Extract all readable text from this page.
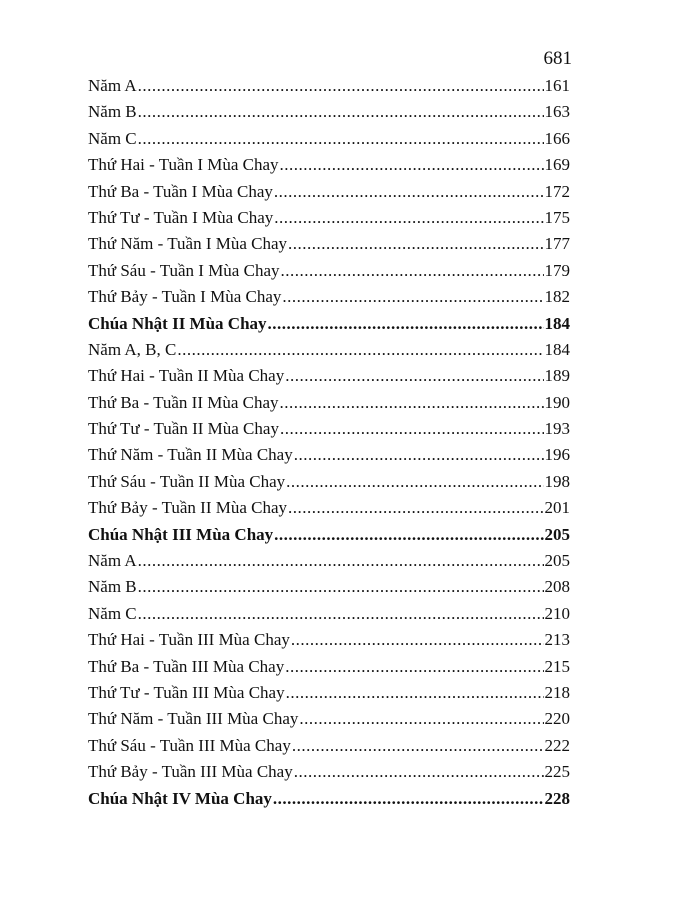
681
Năm A .....	161
Năm B .....	163
Năm C .....	166
Thứ Hai - Tuần I Mùa Chay .....	169
Thứ Ba - Tuần I Mùa Chay .....	172
Thứ Tư - Tuần I Mùa Chay .....	175
Thứ Năm - Tuần I Mùa Chay .....	177
Thứ Sáu - Tuần I Mùa Chay .....	179
Thứ Bảy - Tuần I Mùa Chay .....	182
Chúa Nhật II Mùa Chay .....	184
Năm A, B, C .....	184
Thứ Hai - Tuần II Mùa Chay .....	189
Thứ Ba - Tuần II Mùa Chay .....	190
Thứ Tư - Tuần II Mùa Chay .....	193
Thứ Năm - Tuần II Mùa Chay .....	196
Thứ Sáu - Tuần II Mùa Chay .....	198
Thứ Bảy - Tuần II Mùa Chay .....	201
Chúa Nhật III Mùa Chay .....	205
Năm A .....	205
Năm B .....	208
Năm C .....	210
Thứ Hai - Tuần III Mùa Chay .....	213
Thứ Ba - Tuần III Mùa Chay .....	215
Thứ Tư - Tuần III Mùa Chay .....	218
Thứ Năm - Tuần III Mùa Chay .....	220
Thứ Sáu - Tuần III Mùa Chay .....	222
Thứ Bảy - Tuần III Mùa Chay .....	225
Chúa Nhật IV Mùa Chay .....	228
